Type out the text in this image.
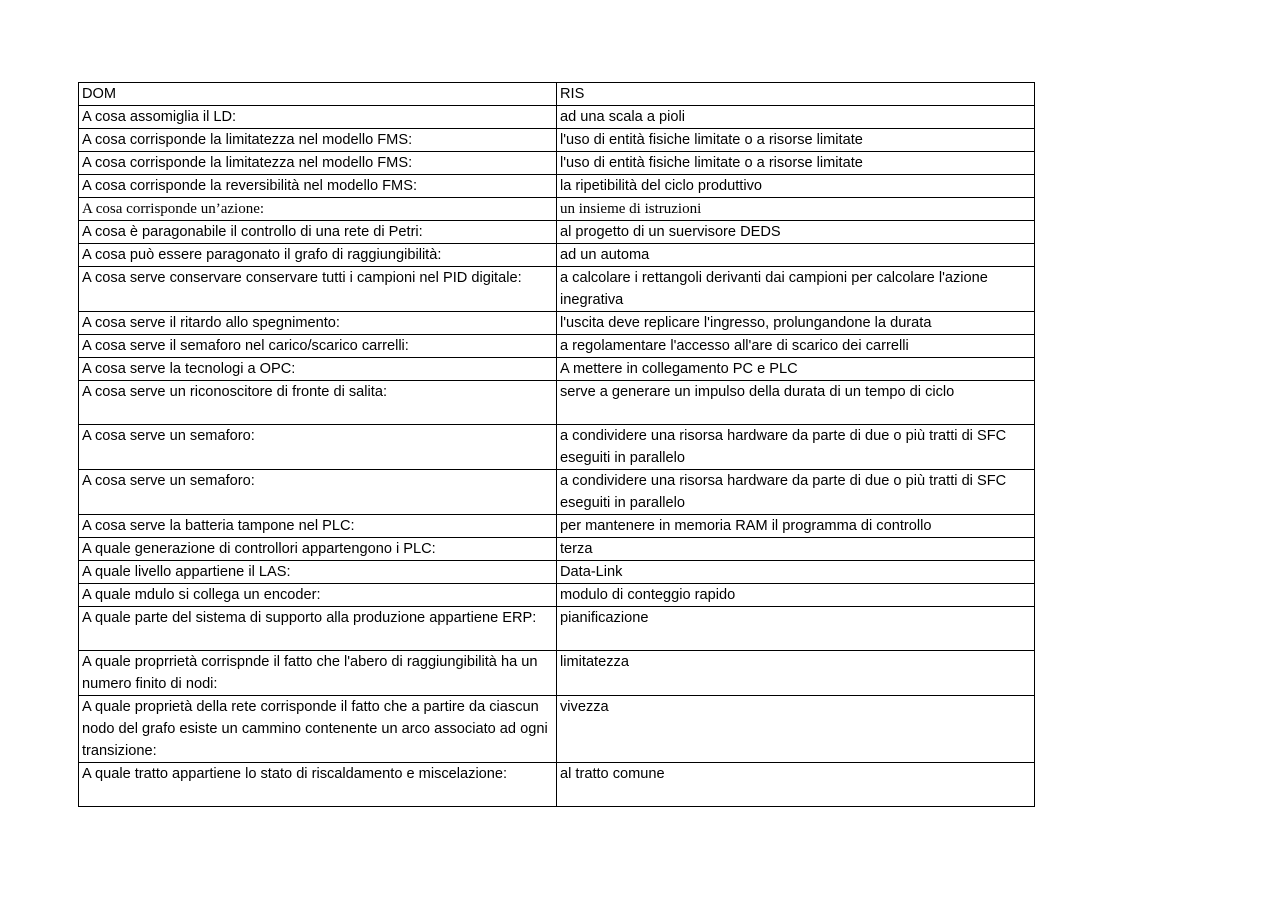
DOM	RIS
A cosa assomiglia il LD:	ad una scala a pioli
A cosa corrisponde la limitatezza nel modello FMS:	l'uso di entità fisiche limitate o a risorse limitate
A cosa corrisponde la limitatezza nel modello FMS:	l'uso di entità fisiche limitate o a risorse limitate
A cosa corrisponde la reversibilità nel modello FMS:	la ripetibilità del ciclo produttivo
A cosa corrisponde un’azione:	un insieme di istruzioni
A cosa è paragonabile il controllo di una rete di Petri:	al progetto di un suervisore DEDS
A cosa può essere paragonato il grafo di raggiungibilità:	ad un automa
A cosa serve conservare conservare tutti i campioni nel PID digitale:	a calcolare i rettangoli derivanti dai campioni per calcolare l'azione inegrativa
A cosa serve il ritardo allo spegnimento:	l'uscita deve replicare l'ingresso, prolungandone la durata
A cosa serve il semaforo nel carico/scarico carrelli:	a regolamentare l'accesso all'are di scarico dei carrelli
A cosa serve la tecnologi a OPC:	A mettere in collegamento PC e PLC
A cosa serve un riconoscitore di fronte di salita:	serve a generare un impulso della durata di un tempo di ciclo
A cosa serve un semaforo:	a condividere una risorsa hardware da parte di due o più tratti di SFC eseguiti in parallelo
A cosa serve un semaforo:	a condividere una risorsa hardware da parte di due o più tratti di SFC eseguiti in parallelo
A cosa serve la batteria tampone nel PLC:	per mantenere in memoria RAM il programma di controllo
A quale generazione di controllori appartengono i PLC:	terza
A quale livello appartiene il LAS:	Data-Link
A quale mdulo si collega un encoder:	modulo di conteggio rapido
A quale parte del sistema di supporto alla produzione appartiene ERP:	pianificazione
A quale proprrietà corrispnde il fatto che l'abero di raggiungibilità ha un numero finito di nodi:	limitatezza
A quale proprietà della rete corrisponde il fatto che a partire da ciascun nodo del grafo esiste un cammino contenente un arco associato ad ogni transizione:	vivezza
A quale tratto appartiene lo stato di riscaldamento e miscelazione:	al tratto comune
